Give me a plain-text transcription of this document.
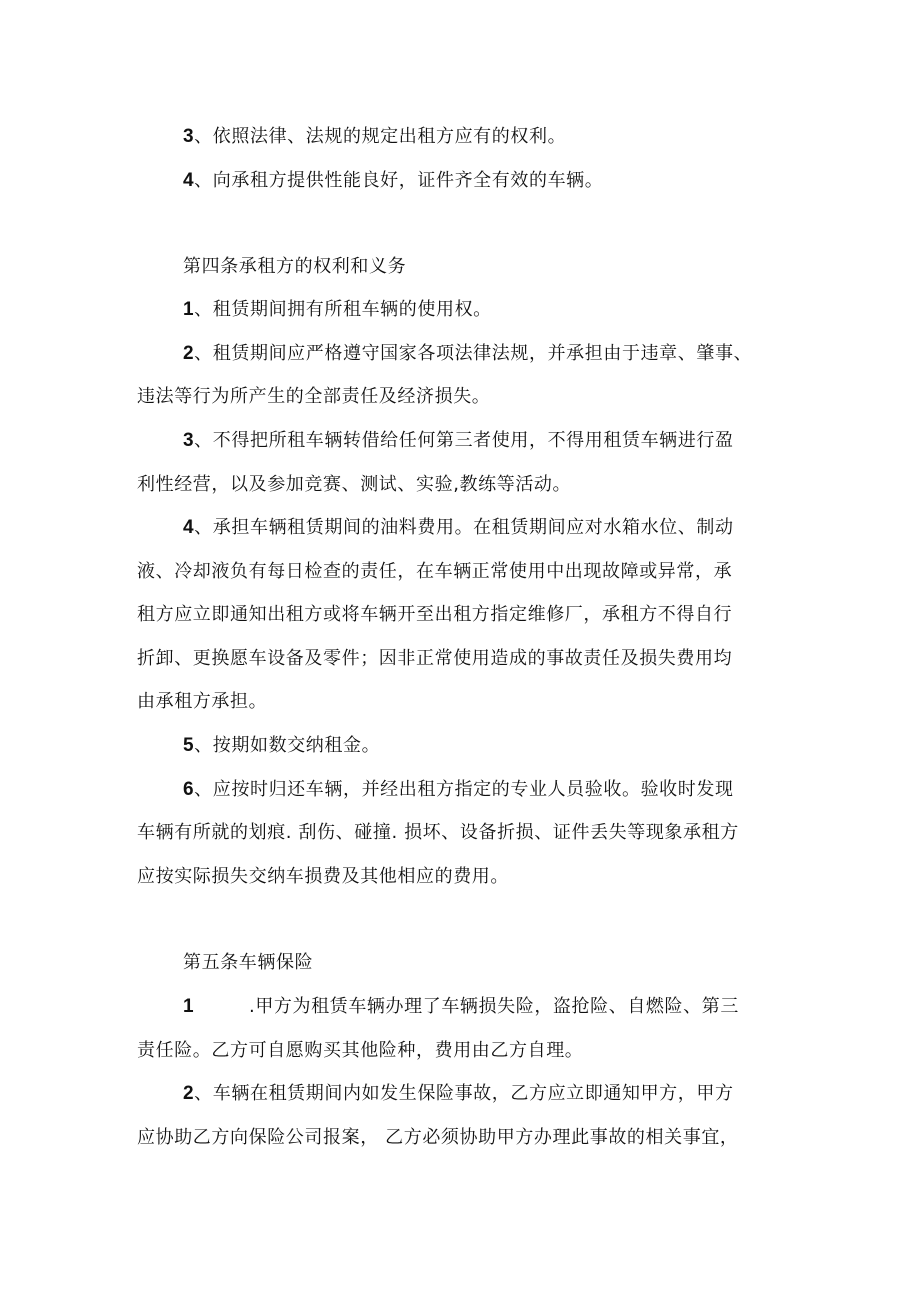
3、依照法律、法规的规定出租方应有的权利。
4、向承租方提供性能良好，证件齐全有效的车辆。
第四条承租方的权利和义务
1、租赁期间拥有所租车辆的使用权。
2、租赁期间应严格遵守国家各项法律法规，并承担由于违章、肇事、
违法等行为所产生的全部责任及经济损失。
3、不得把所租车辆转借给任何第三者使用，不得用租赁车辆进行盈
利性经营，以及参加竞赛、测试、实验,教练等活动。
4、承担车辆租赁期间的油料费用。在租赁期间应对水箱水位、制动
液、冷却液负有每日检查的责任，在车辆正常使用中出现故障或异常，承
租方应立即通知出租方或将车辆开至出租方指定维修厂，承租方不得自行
折卸、更换愿车设备及零件；因非正常使用造成的事故责任及损失费用均
由承租方承担。
5、按期如数交纳租金。
6、应按时归还车辆，并经出租方指定的专业人员验收。验收时发现
车辆有所就的划痕. 刮伤、碰撞. 损坏、设备折损、证件丢失等现象承租方
应按实际损失交纳车损费及其他相应的费用。
第五条车辆保险
1	.甲方为租赁车辆办理了车辆损失险，盗抢险、自燃险、第三
责任险。乙方可自愿购买其他险种，费用由乙方自理。
2、车辆在租赁期间内如发生保险事故，乙方应立即通知甲方，甲方
应协助乙方向保险公司报案， 乙方必须协助甲方办理此事故的相关事宜，
